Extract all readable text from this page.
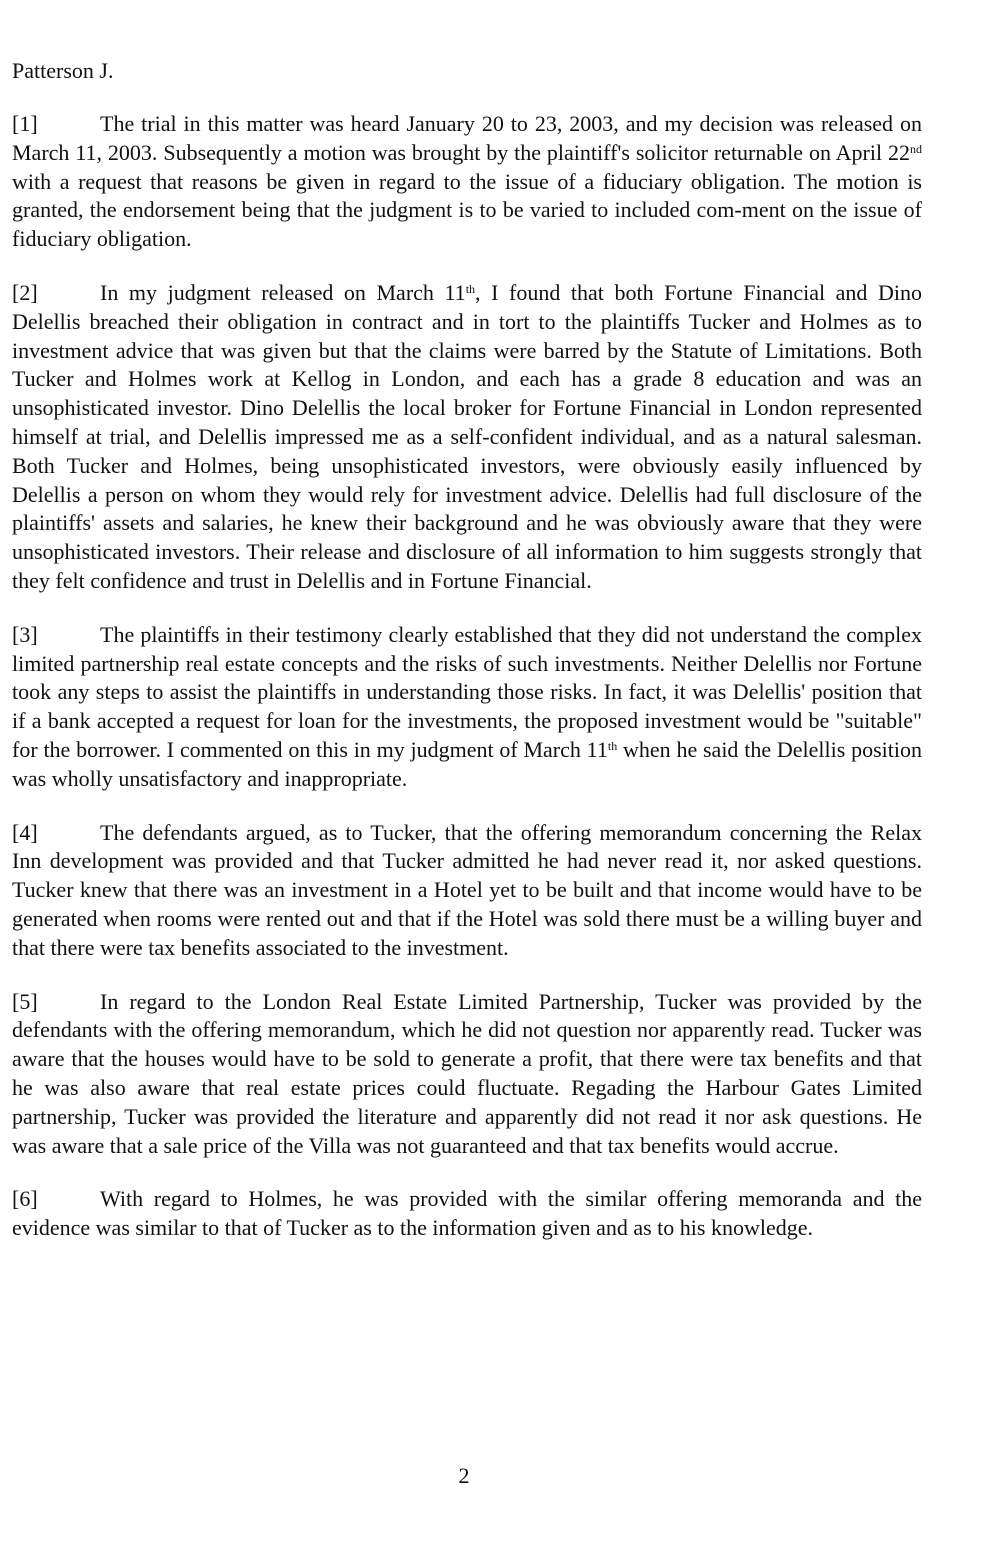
Patterson J.

[1]	The trial in this matter was heard January 20 to 23, 2003, and my decision was released on March 11, 2003. Subsequently a motion was brought by the plaintiff's solicitor returnable on April 22nd with a request that reasons be given in regard to the issue of a fiduciary obligation. The motion is granted, the endorsement being that the judgment is to be varied to included com-ment on the issue of fiduciary obligation.

[2]	In my judgment released on March 11th, I found that both Fortune Financial and Dino Delellis breached their obligation in contract and in tort to the plaintiffs Tucker and Holmes as to investment advice that was given but that the claims were barred by the Statute of Limitations. Both Tucker and Holmes work at Kellog in London, and each has a grade 8 education and was an unsophisticated investor. Dino Delellis the local broker for Fortune Financial in London represented himself at trial, and Delellis impressed me as a self-confident individual, and as a natural salesman. Both Tucker and Holmes, being unsophisticated investors, were obviously easily influenced by Delellis a person on whom they would rely for investment advice. Delellis had full disclosure of the plaintiffs' assets and salaries, he knew their background and he was obviously aware that they were unsophisticated investors. Their release and disclosure of all information to him suggests strongly that they felt confidence and trust in Delellis and in Fortune Financial.

[3]	The plaintiffs in their testimony clearly established that they did not understand the complex limited partnership real estate concepts and the risks of such investments. Neither Delellis nor Fortune took any steps to assist the plaintiffs in understanding those risks. In fact, it was Delellis' position that if a bank accepted a request for loan for the investments, the proposed investment would be "suitable" for the borrower. I commented on this in my judgment of March 11th when he said the Delellis position was wholly unsatisfactory and inappropriate.

[4]	The defendants argued, as to Tucker, that the offering memorandum concerning the Relax Inn development was provided and that Tucker admitted he had never read it, nor asked questions. Tucker knew that there was an investment in a Hotel yet to be built and that income would have to be generated when rooms were rented out and that if the Hotel was sold there must be a willing buyer and that there were tax benefits associated to the investment.

[5]	In regard to the London Real Estate Limited Partnership, Tucker was provided by the defendants with the offering memorandum, which he did not question nor apparently read. Tucker was aware that the houses would have to be sold to generate a profit, that there were tax benefits and that he was also aware that real estate prices could fluctuate. Regading the Harbour Gates Limited partnership, Tucker was provided the literature and apparently did not read it nor ask questions. He was aware that a sale price of the Villa was not guaranteed and that tax benefits would accrue.

[6]	With regard to Holmes, he was provided with the similar offering memoranda and the evidence was similar to that of Tucker as to the information given and as to his knowledge.

2
